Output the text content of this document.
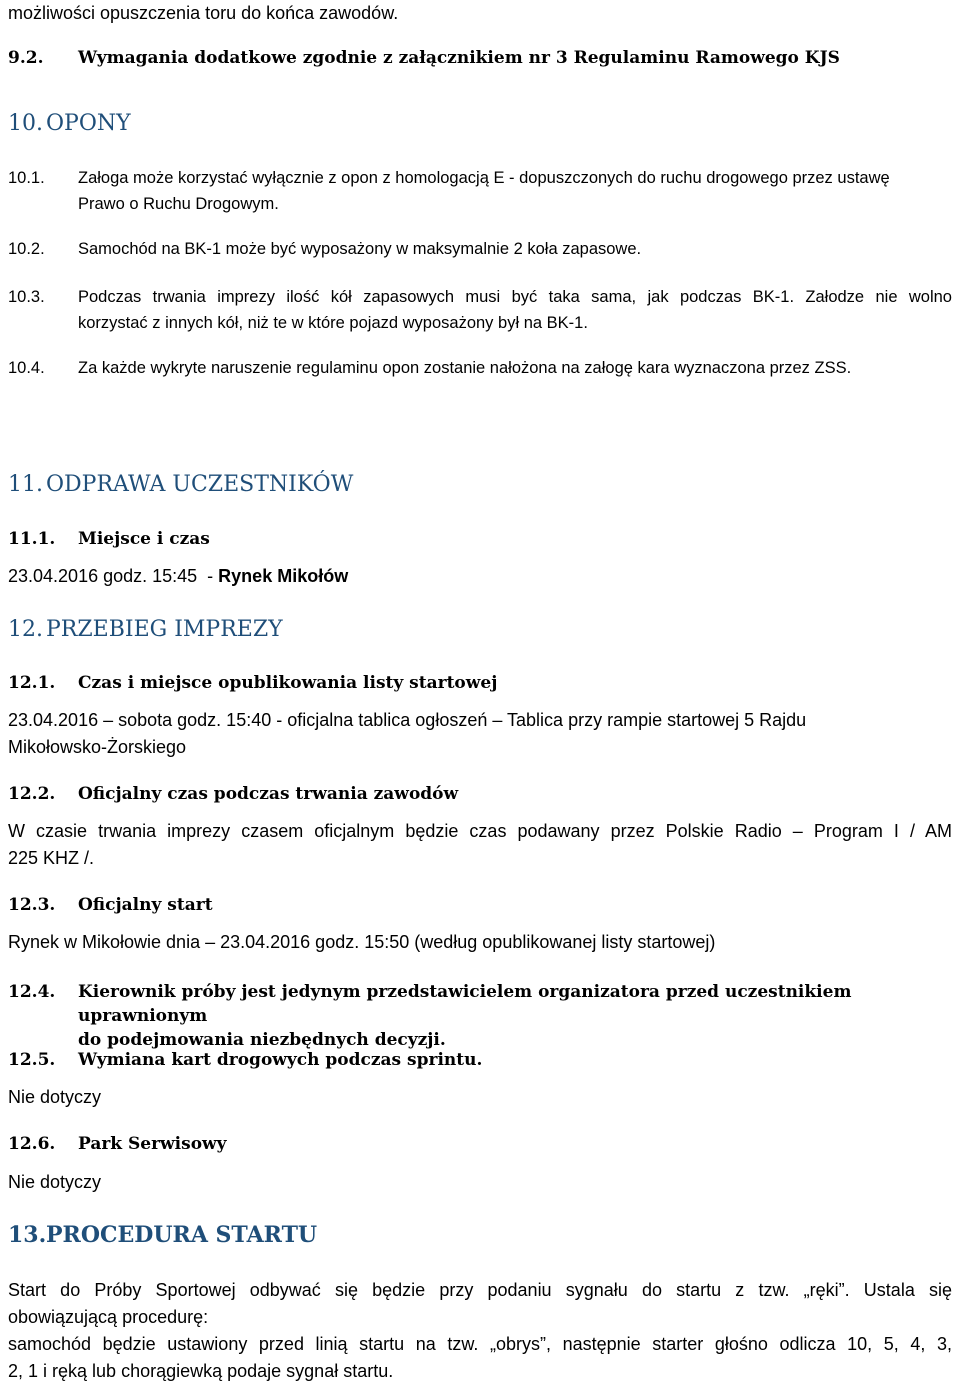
możliwości opuszczenia toru do końca zawodów.
9.2. Wymagania dodatkowe zgodnie z załącznikiem nr 3 Regulaminu Ramowego KJS
10. OPONY
10.1. Załoga może korzystać wyłącznie z opon z homologacją E - dopuszczonych do ruchu drogowego przez ustawę
Prawo o Ruchu Drogowym.
10.2. Samochód na BK-1 może być wyposażony w maksymalnie 2 koła zapasowe.
10.3. Podczas trwania imprezy ilość kół zapasowych musi być taka sama, jak podczas BK-1. Załodze nie wolno
korzystać z innych kół, niż te w które pojazd wyposażony był na BK-1.
10.4. Za każde wykryte naruszenie regulaminu opon zostanie nałożona na załogę kara wyznaczona przez ZSS.
11. ODPRAWA UCZESTNIKÓW
11.1. Miejsce i czas
23.04.2016 godz. 15:45  - Rynek Mikołów
12. PRZEBIEG IMPREZY
12.1. Czas i miejsce opublikowania listy startowej
23.04.2016 – sobota godz. 15:40 - oficjalna tablica ogłoszeń – Tablica przy rampie startowej 5 Rajdu
Mikołowsko-Żorskiego
12.2. Oficjalny czas podczas trwania zawodów
W czasie trwania imprezy czasem oficjalnym będzie czas podawany przez Polskie Radio – Program I / AM
225 KHZ /.
12.3. Oficjalny start
Rynek w Mikołowie dnia – 23.04.2016 godz. 15:50 (według opublikowanej listy startowej)
12.4. Kierownik próby jest jedynym przedstawicielem organizatora przed uczestnikiem uprawnionym
do podejmowania niezbędnych decyzji.
12.5. Wymiana kart drogowych podczas sprintu.
Nie dotyczy
12.6. Park Serwisowy
Nie dotyczy
13. PROCEDURA STARTU
Start do Próby Sportowej odbywać się będzie przy podaniu sygnału do startu z tzw. „ręki”. Ustala się
obowiązującą procedurę:
samochód będzie ustawiony przed linią startu na tzw. „obrys”, następnie starter głośno odlicza 10, 5, 4, 3,
2, 1 i ręką lub chorągiewką podaje sygnał startu.
